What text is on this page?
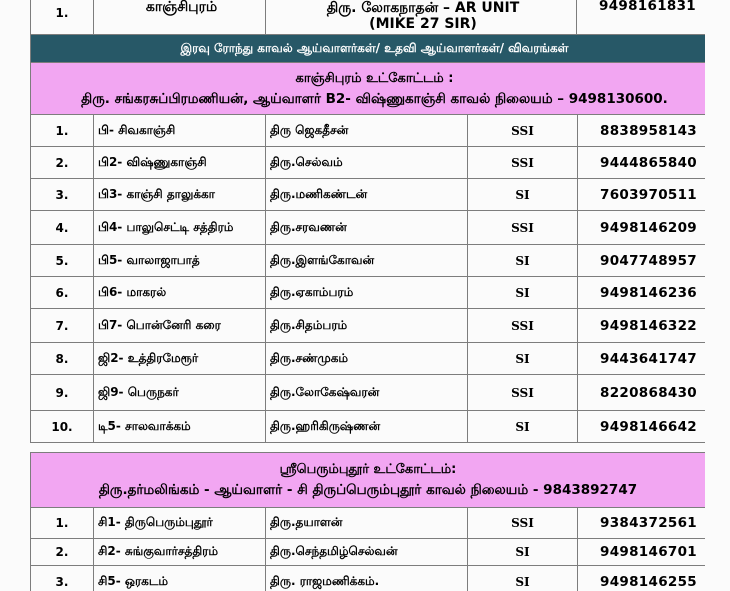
1.	காஞ்சிபுரம்	திரு. லோகநாதன் – AR UNIT
(MIKE 27 SIR)
	9498161831
இரவு ரோந்து காவல் ஆய்வாளர்கள்/ உதவி ஆய்வாளர்கள்/ விவரங்கள்

காஞ்சிபுரம் உட்கோட்டம் :
திரு. சங்கரசுப்பிரமணியன், ஆய்வாளர் B2- விஷ்ணுகாஞ்சி காவல் நிலையம் – 9498130600.
1.	பி- சிவகாஞ்சி	திரு ஜெகதீசன்	SSI	8838958143
2.	பி2- விஷ்ணுகாஞ்சி	திரு.செல்வம்	SSI	9444865840
3.	பி3- காஞ்சி தாலுக்கா	திரு.மணிகண்டன்	SI	7603970511
4.	பி4- பாலுசெட்டி சத்திரம்	திரு.சரவணன்	SSI	9498146209
5.	பி5- வாலாஜாபாத்	திரு.இளங்கோவன்	SI	9047748957
6.	பி6- மாகரல்	திரு.ஏகாம்பரம்	SI	9498146236
7.	பி7- பொன்னேரி கரை	திரு.சிதம்பரம்	SSI	9498146322
8.	ஜி2- உத்திரமேரூர்	திரு.சண்முகம்	SI	9443641747
9.	ஜி9- பெருநகர்	திரு.லோகேஷ்வரன்	SSI	8220868430
10.	டி5- சாலவாக்கம்	திரு.ஹரிகிருஷ்ணன்	SI	9498146642
ஸ்ரீபெரும்புதூர் உட்கோட்டம்:
திரு.தர்மலிங்கம் - ஆய்வாளர் - சி திருப்பெரும்புதூர் காவல் நிலையம் - 9843892747
1.	சி1- திருபெரும்புதூர்	திரு.தயாளன்	SSI	9384372561
2.	சி2- சுங்குவார்சத்திரம்	திரு.செந்தமிழ்செல்வன்	SI	9498146701
3.	சி5- ஒரகடம்	திரு. ராஜமணிக்கம்.	SI	9498146255
